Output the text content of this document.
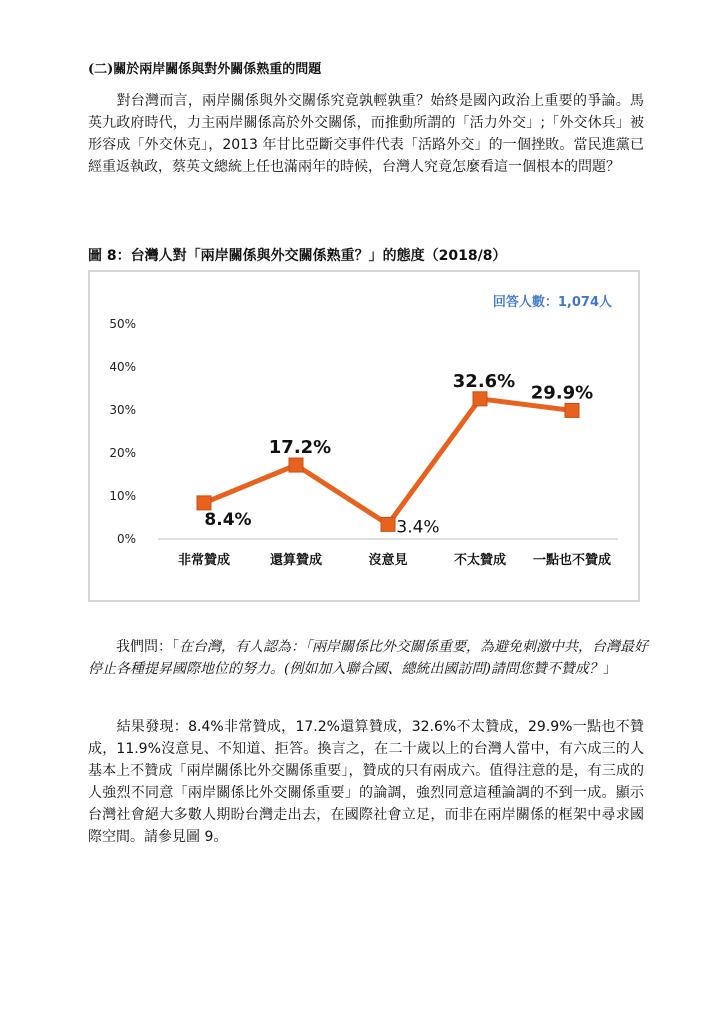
(二)關於兩岸關係與對外關係熟重的問題

　　對台灣而言，兩岸關係與外交關係究竟孰輕孰重？始終是國內政治上重要的爭論。馬英九政府時代，力主兩岸關係高於外交關係，而推動所謂的「活力外交」;「外交休兵」被形容成「外交休克」，2013 年甘比亞斷交事件代表「活路外交」的一個挫敗。當民進黨已經重返執政，蔡英文總統上任也滿兩年的時候，台灣人究竟怎麼看這一個根本的問題？

圖 8：台灣人對「兩岸關係與外交關係熟重？」的態度（2018/8）
回答人數：1,074人
0%
10%
20%
30%
40%
50%
非常贊成	還算贊成	沒意見	不太贊成 一點也不贊成
8.4%
17.2%
3.4%
32.6%
29.9%

　　我們問：「在台灣，有人認為：「兩岸關係比外交關係重要，為避免刺激中共，台灣最好停止各種提昇國際地位的努力。(例如加入聯合國、總統出國訪問)請問您贊不贊成？」

　　結果發現：8.4%非常贊成，17.2%還算贊成，32.6%不太贊成，29.9%一點也不贊成，11.9%沒意見、不知道、拒答。換言之，在二十歲以上的台灣人當中，有六成三的人基本上不贊成「兩岸關係比外交關係重要」，贊成的只有兩成六。值得注意的是，有三成的人強烈不同意「兩岸關係比外交關係重要」的論調，強烈同意這種論調的不到一成。顯示台灣社會絕大多數人期盼台灣走出去，在國際社會立足，而非在兩岸關係的框架中尋求國際空間。請參見圖 9。
